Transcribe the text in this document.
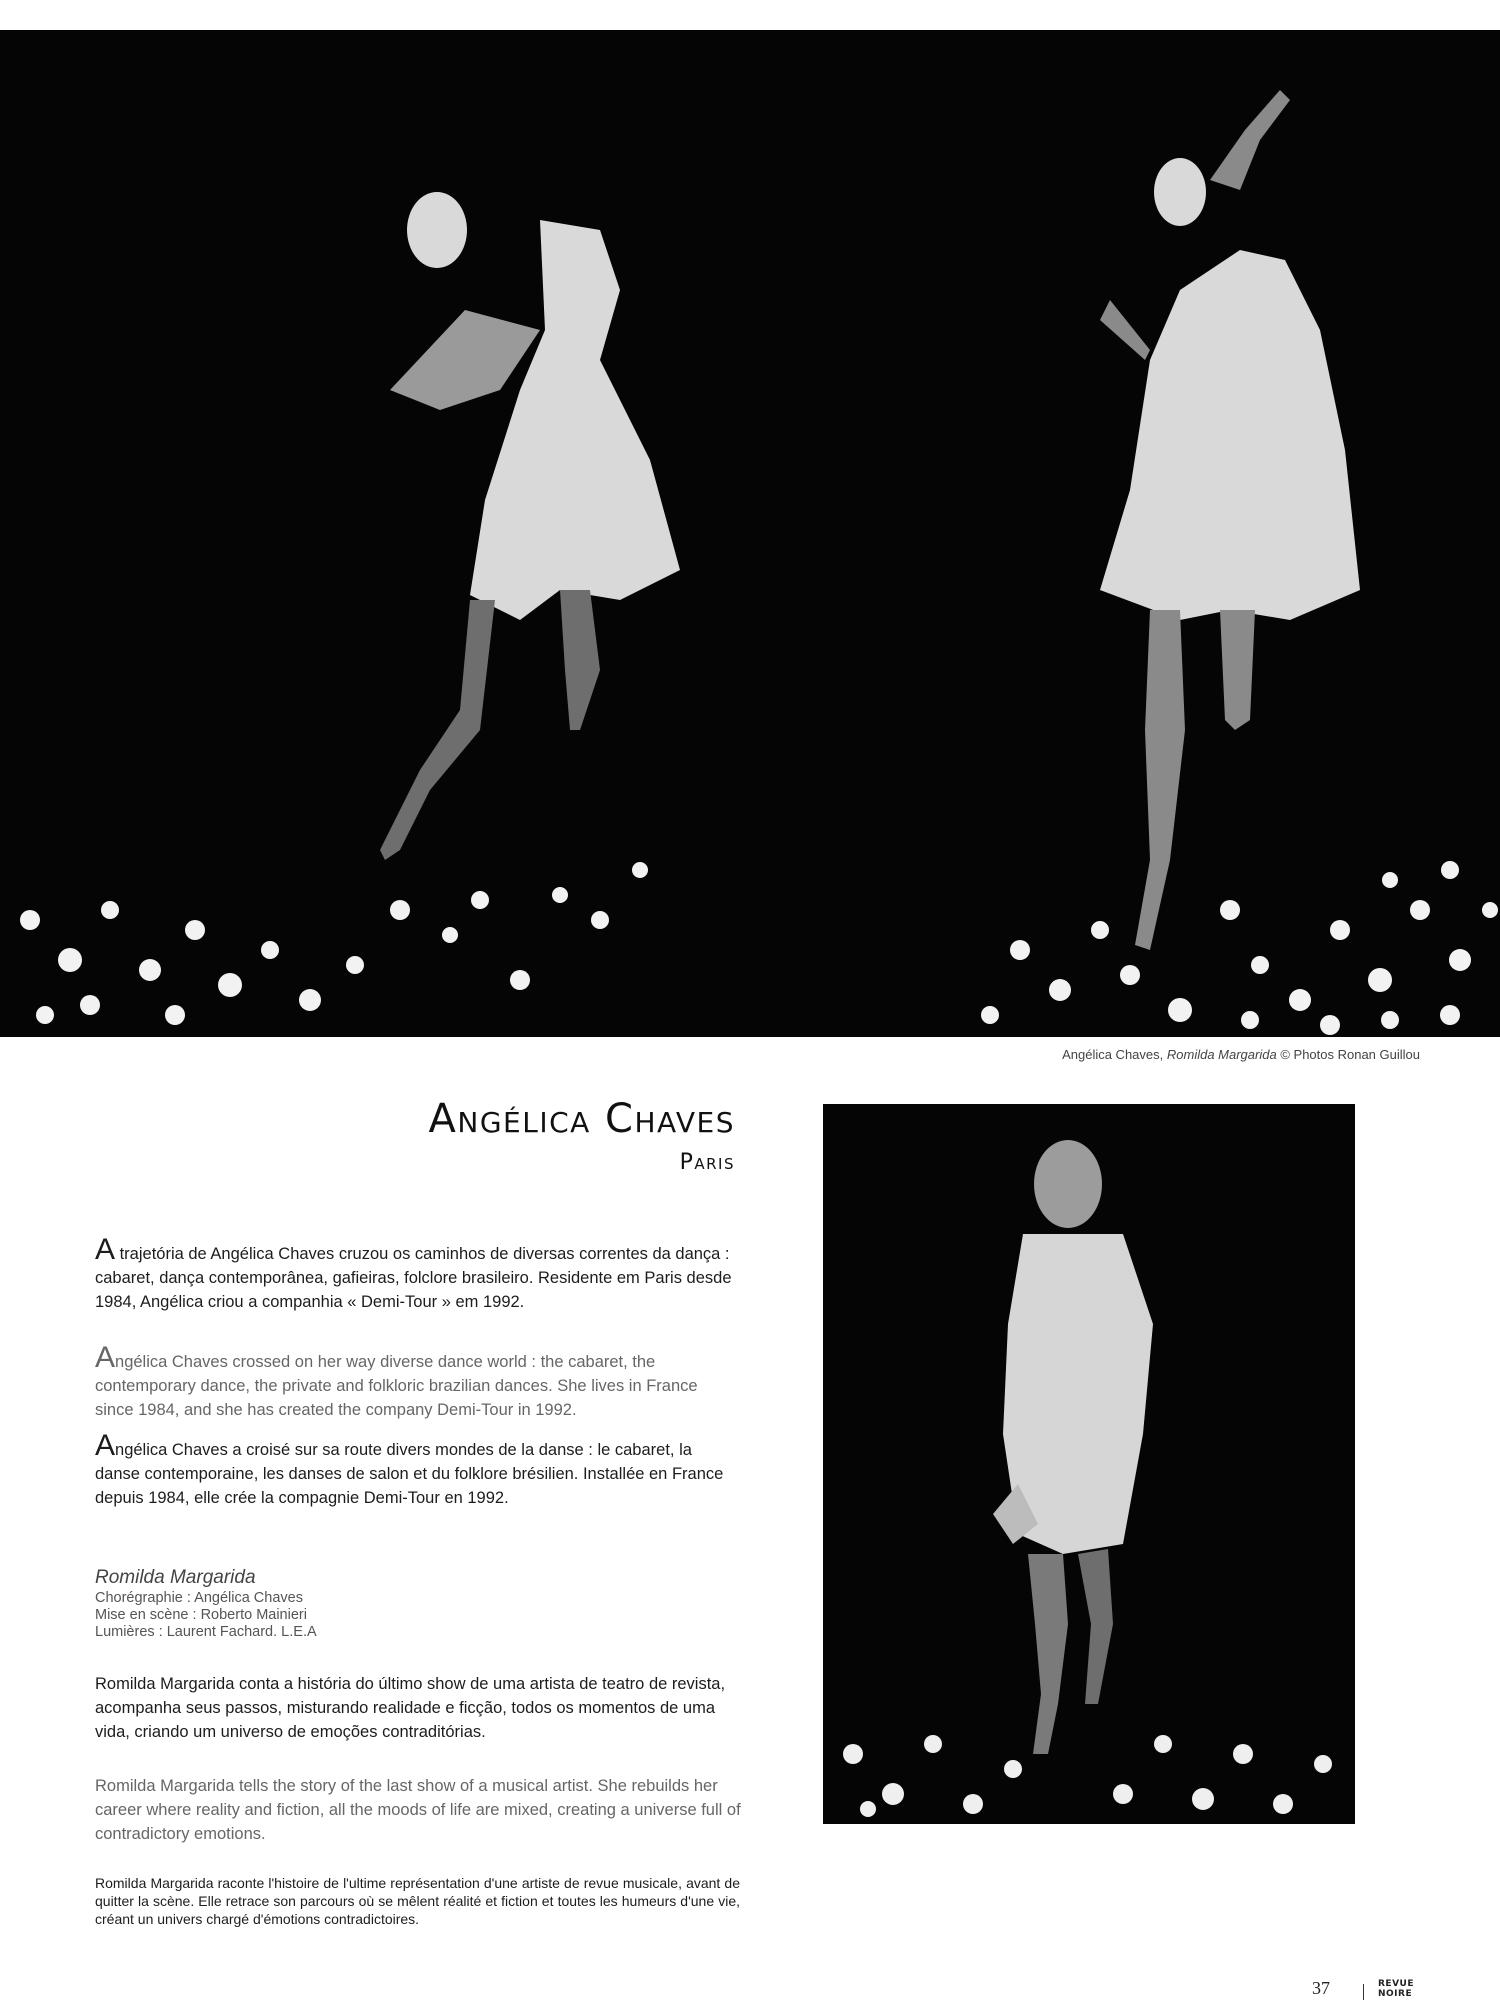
Angélica Chaves, Romilda Margarida © Photos Ronan Guillou
Angélica Chaves
Paris

A trajetória de Angélica Chaves cruzou os caminhos de diversas correntes da dança : cabaret, dança contemporânea, gafieiras, folclore brasileiro. Residente em Paris desde 1984, Angélica criou a companhia « Demi-Tour » em 1992.

Angélica Chaves crossed on her way diverse dance world : the cabaret, the contemporary dance, the private and folkloric brazilian dances. She lives in France since 1984, and she has created the company Demi-Tour in 1992.

Angélica Chaves a croisé sur sa route divers mondes de la danse : le cabaret, la danse contemporaine, les danses de salon et du folklore brésilien. Installée en France depuis 1984, elle crée la compagnie Demi-Tour en 1992.

Romilda Margarida
Chorégraphie : Angélica Chaves
Mise en scène : Roberto Mainieri
Lumières : Laurent Fachard. L.E.A

Romilda Margarida conta a história do último show de uma artista de teatro de revista, acompanha seus passos, misturando realidade e ficção, todos os momentos de uma vida, criando um universo de emoções contraditórias.

Romilda Margarida tells the story of the last show of a musical artist. She rebuilds her career where reality and fiction, all the moods of life are mixed, creating a universe full of contradictory emotions.

Romilda Margarida raconte l'histoire de l'ultime représentation d'une artiste de revue musicale, avant de quitter la scène. Elle retrace son parcours où se mêlent réalité et fiction et toutes les humeurs d'une vie, créant un univers chargé d'émotions contradictoires.

37	REVUE
NOIRE
